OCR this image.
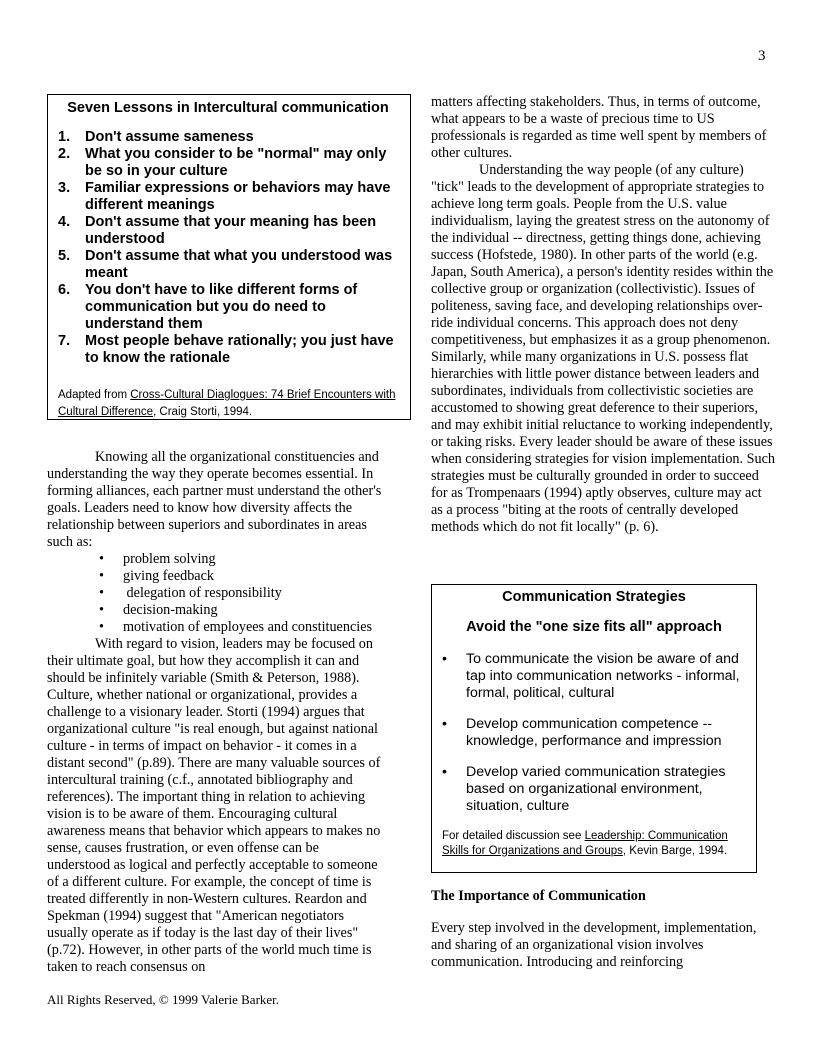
3
Seven Lessons in Intercultural communication
1.	Don't assume sameness
2.	What you consider to be "normal" may only be so in your culture
3.	Familiar expressions or behaviors may have different meanings
4.	Don't assume that your meaning has been understood
5.	Don't assume that what you understood was meant
6.	You don't have to like different forms of communication but you do need to understand them
7.	Most people behave rationally; you just have to know the rationale
Adapted from Cross-Cultural Diaglogues: 74 Brief Encounters with Cultural Difference, Craig Storti, 1994.

Knowing all the organizational constituencies and understanding the way they operate becomes essential. In forming alliances, each partner must understand the other's goals. Leaders need to know how diversity affects the relationship between superiors and subordinates in areas such as:

• problem solving
• giving feedback
• delegation of responsibility
• decision-making
• motivation of employees and constituencies

With regard to vision, leaders may be focused on their ultimate goal, but how they accomplish it can and should be infinitely variable (Smith & Peterson, 1988). Culture, whether national or organizational, provides a challenge to a visionary leader. Storti (1994) argues that organizational culture "is real enough, but against national culture - in terms of impact on behavior - it comes in a distant second" (p.89). There are many valuable sources of intercultural training (c.f., annotated bibliography and references). The important thing in relation to achieving vision is to be aware of them. Encouraging cultural awareness means that behavior which appears to makes no sense, causes frustration, or even offense can be understood as logical and perfectly acceptable to someone of a different culture. For example, the concept of time is treated differently in non-Western cultures. Reardon and Spekman (1994) suggest that "American negotiators usually operate as if today is the last day of their lives" (p.72). However, in other parts of the world much time is taken to reach consensus on

matters affecting stakeholders. Thus, in terms of outcome, what appears to be a waste of precious time to US professionals is regarded as time well spent by members of other cultures.

Understanding the way people (of any culture) "tick" leads to the development of appropriate strategies to achieve long term goals. People from the U.S. value individualism, laying the greatest stress on the autonomy of the individual -- directness, getting things done, achieving success (Hofstede, 1980). In other parts of the world (e.g. Japan, South America), a person's identity resides within the collective group or organization (collectivistic). Issues of politeness, saving face, and developing relationships over-ride individual concerns. This approach does not deny competitiveness, but emphasizes it as a group phenomenon. Similarly, while many organizations in U.S. possess flat hierarchies with little power distance between leaders and subordinates, individuals from collectivistic societies are accustomed to showing great deference to their superiors, and may exhibit initial reluctance to working independently, or taking risks. Every leader should be aware of these issues when considering strategies for vision implementation. Such strategies must be culturally grounded in order to succeed for as Trompenaars (1994) aptly observes, culture may act as a process "biting at the roots of centrally developed methods which do not fit locally" (p. 6).

Communication Strategies
Avoid the "one size fits all" approach
• To communicate the vision be aware of and tap into communication networks - informal, formal, political, cultural
• Develop communication competence -- knowledge, performance and impression
• Develop varied communication strategies based on organizational environment, situation, culture
For detailed discussion see Leadership: Communication Skills for Organizations and Groups, Kevin Barge, 1994.
The Importance of Communication

Every step involved in the development, implementation, and sharing of an organizational vision involves communication. Introducing and reinforcing

All Rights Reserved, © 1999 Valerie Barker.
